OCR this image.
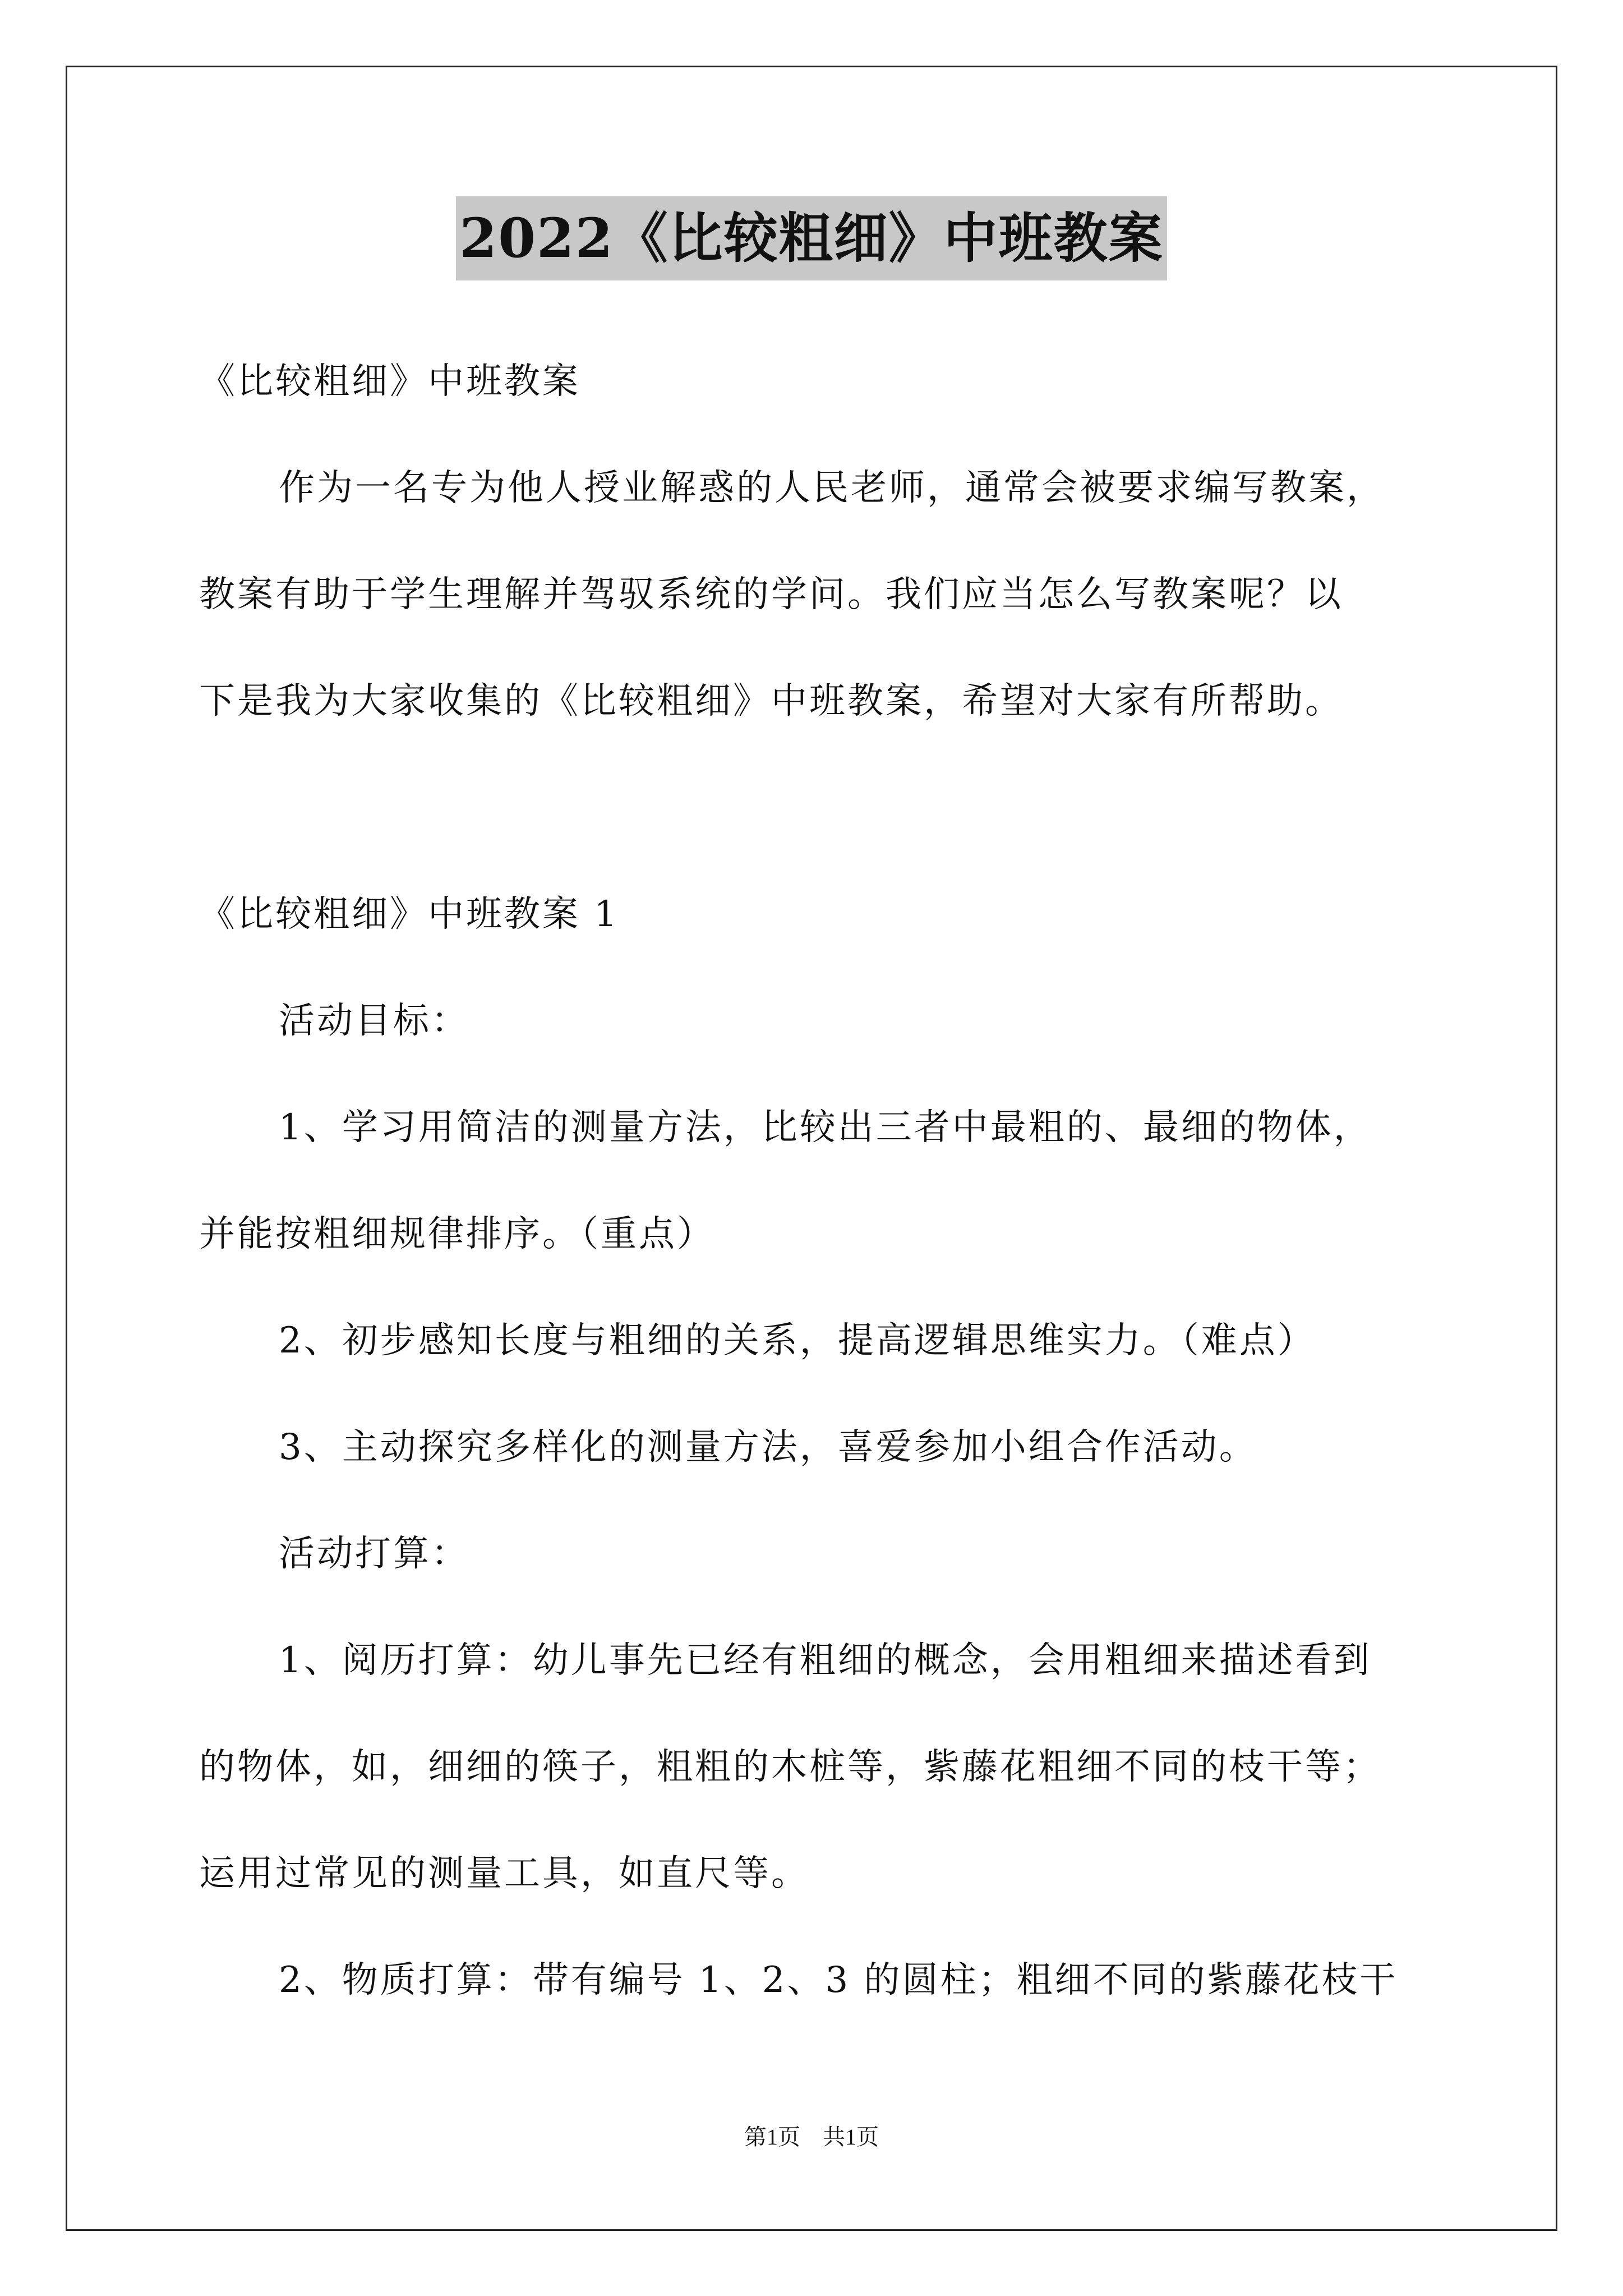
2022《比较粗细》中班教案
《比较粗细》中班教案
作为一名专为他人授业解惑的人民老师，通常会被要求编写教案，
教案有助于学生理解并驾驭系统的学问。我们应当怎么写教案呢？以
下是我为大家收集的《比较粗细》中班教案，希望对大家有所帮助。
《比较粗细》中班教案 1
活动目标：
1、学习用简洁的测量方法，比较出三者中最粗的、最细的物体，
并能按粗细规律排序。（重点）
2、初步感知长度与粗细的关系，提高逻辑思维实力。（难点）
3、主动探究多样化的测量方法，喜爱参加小组合作活动。
活动打算：
1、阅历打算：幼儿事先已经有粗细的概念，会用粗细来描述看到
的物体，如，细细的筷子，粗粗的木桩等，紫藤花粗细不同的枝干等；
运用过常见的测量工具，如直尺等。
2、物质打算：带有编号 1、2、3 的圆柱；粗细不同的紫藤花枝干
第1页　共1页
